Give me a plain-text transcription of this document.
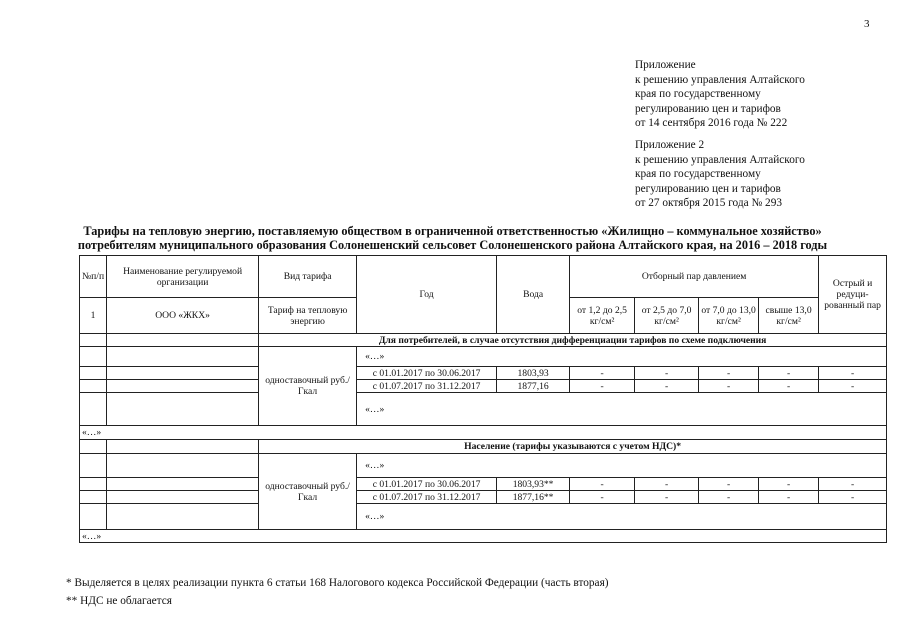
3
Приложение
к решению управления Алтайского
края по государственному
регулированию цен и тарифов
от 14 сентября 2016 года № 222
Приложение 2
к решению управления Алтайского
края по государственному
регулированию цен и тарифов
от 27 октября 2015 года № 293
Тарифы на тепловую энергию, поставляемую обществом в ограниченной ответственностью «Жилищно – коммунальное хозяйство»
потребителям муниципального образования Солонешенский сельсовет Солонешенского района Алтайского края, на 2016 – 2018 годы
№п/п	Наименование регулируемой организации	Вид тарифа	Год	Вода	Отборный пар давлением				Острый и редуци-рованный пар
1	ООО «ЖКХ»	Тариф на тепловую энергию			от 1,2 до 2,5 кг/см²	от 2,5 до 7,0 кг/см²	от 7,0 до 13,0 кг/см²	свыше 13,0 кг/см²	
		Для потребителей, в случае отсутствия дифференциации тарифов по схеме подключения							
		одноставочный руб./Гкал	«…»						
			с 01.01.2017 по 30.06.2017	1803,93	-	-	-	-	-
			с 01.07.2017 по 31.12.2017	1877,16	-	-	-	-	-
			«…»						
«…»									
		Население (тарифы указываются с учетом НДС)*							
		одноставочный руб./Гкал	«…»						
			с 01.01.2017 по 30.06.2017	1803,93**	-	-	-	-	-
			с 01.07.2017 по 31.12.2017	1877,16**	-	-	-	-	-
			«…»						
«…»									
* Выделяется в целях реализации пункта 6 статьи 168 Налогового кодекса Российской Федерации (часть вторая)
** НДС не облагается
